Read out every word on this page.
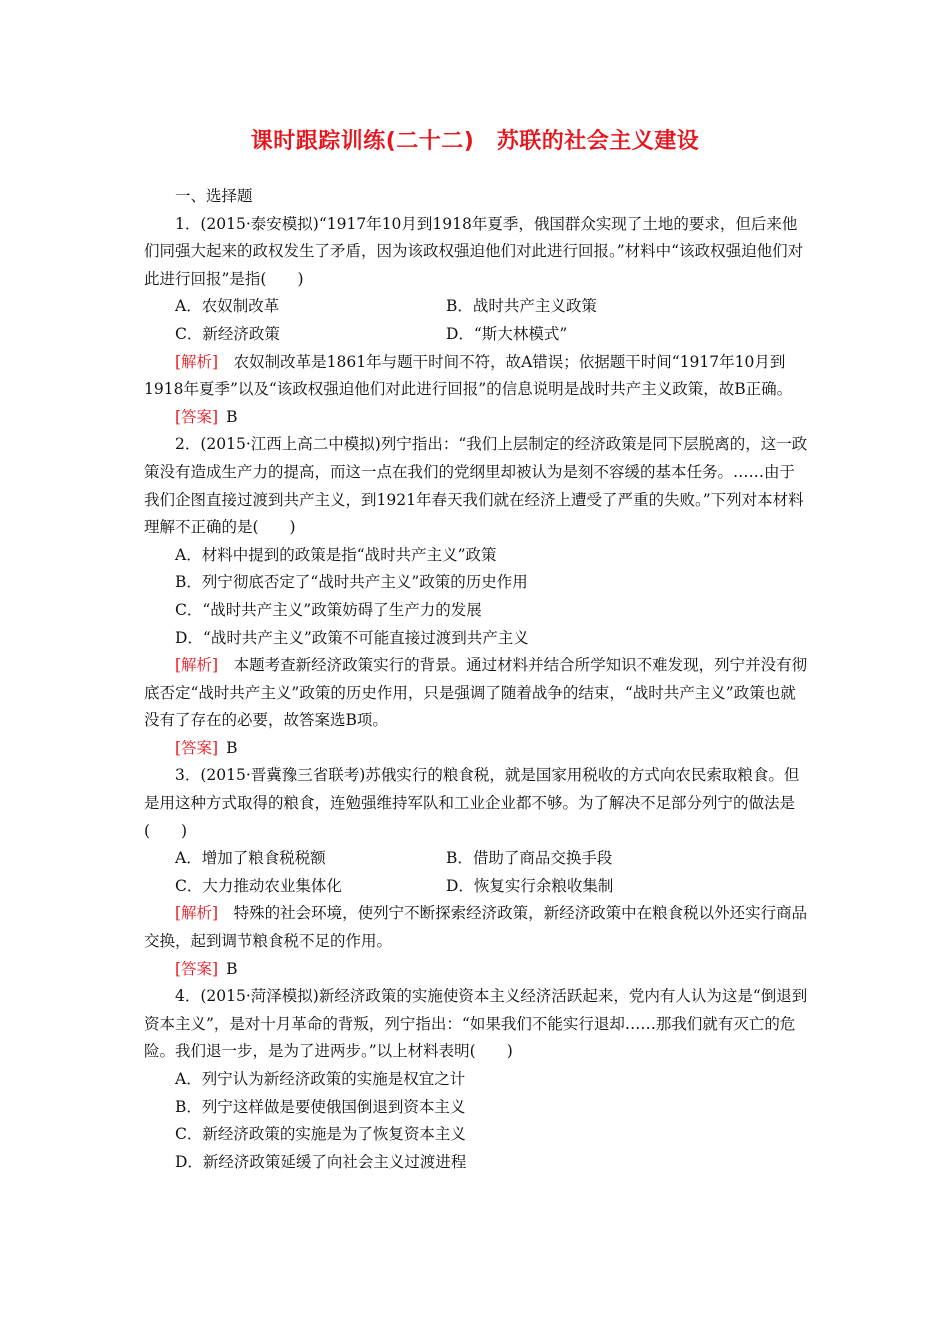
课时跟踪训练(二十二)　苏联的社会主义建设

一、选择题

1．(2015·泰安模拟)“1917年10月到1918年夏季，俄国群众实现了土地的要求，但后来他们同强大起来的政权发生了矛盾，因为该政权强迫他们对此进行回报。”材料中“该政权强迫他们对此进行回报”是指(　　)

A．农奴制改革	B．战时共产主义政策
C．新经济政策	D．“斯大林模式”

[解析]　 农奴制改革是1861年与题干时间不符，故A错误；依据题干时间“1917年10月到1918年夏季”以及“该政权强迫他们对此进行回报”的信息说明是战时共产主义政策，故B正确。

[答案] B

2．(2015·江西上高二中模拟)列宁指出：“我们上层制定的经济政策是同下层脱离的，这一政策没有造成生产力的提高，而这一点在我们的党纲里却被认为是刻不容缓的基本任务。……由于我们企图直接过渡到共产主义，到1921年春天我们就在经济上遭受了严重的失败。”下列对本材料理解不正确的是(　　)

A．材料中提到的政策是指“战时共产主义”政策

B．列宁彻底否定了“战时共产主义”政策的历史作用

C．“战时共产主义”政策妨碍了生产力的发展

D．“战时共产主义”政策不可能直接过渡到共产主义

[解析]　 本题考查新经济政策实行的背景。通过材料并结合所学知识不难发现，列宁并没有彻底否定“战时共产主义”政策的历史作用，只是强调了随着战争的结束，“战时共产主义”政策也就没有了存在的必要，故答案选B项。

[答案] B

3．(2015·晋冀豫三省联考)苏俄实行的粮食税，就是国家用税收的方式向农民索取粮食。但是用这种方式取得的粮食，连勉强维持军队和工业企业都不够。为了解决不足部分列宁的做法是(　　)

A．增加了粮食税税额	B．借助了商品交换手段
C．大力推动农业集体化	D．恢复实行余粮收集制

[解析]　 特殊的社会环境，使列宁不断探索经济政策，新经济政策中在粮食税以外还实行商品交换，起到调节粮食税不足的作用。

[答案] B

4．(2015·菏泽模拟)新经济政策的实施使资本主义经济活跃起来，党内有人认为这是“倒退到资本主义”，是对十月革命的背叛，列宁指出：“如果我们不能实行退却……那我们就有灭亡的危险。我们退一步，是为了进两步。”以上材料表明(　　)

A．列宁认为新经济政策的实施是权宜之计

B．列宁这样做是要使俄国倒退到资本主义

C．新经济政策的实施是为了恢复资本主义

D．新经济政策延缓了向社会主义过渡进程
